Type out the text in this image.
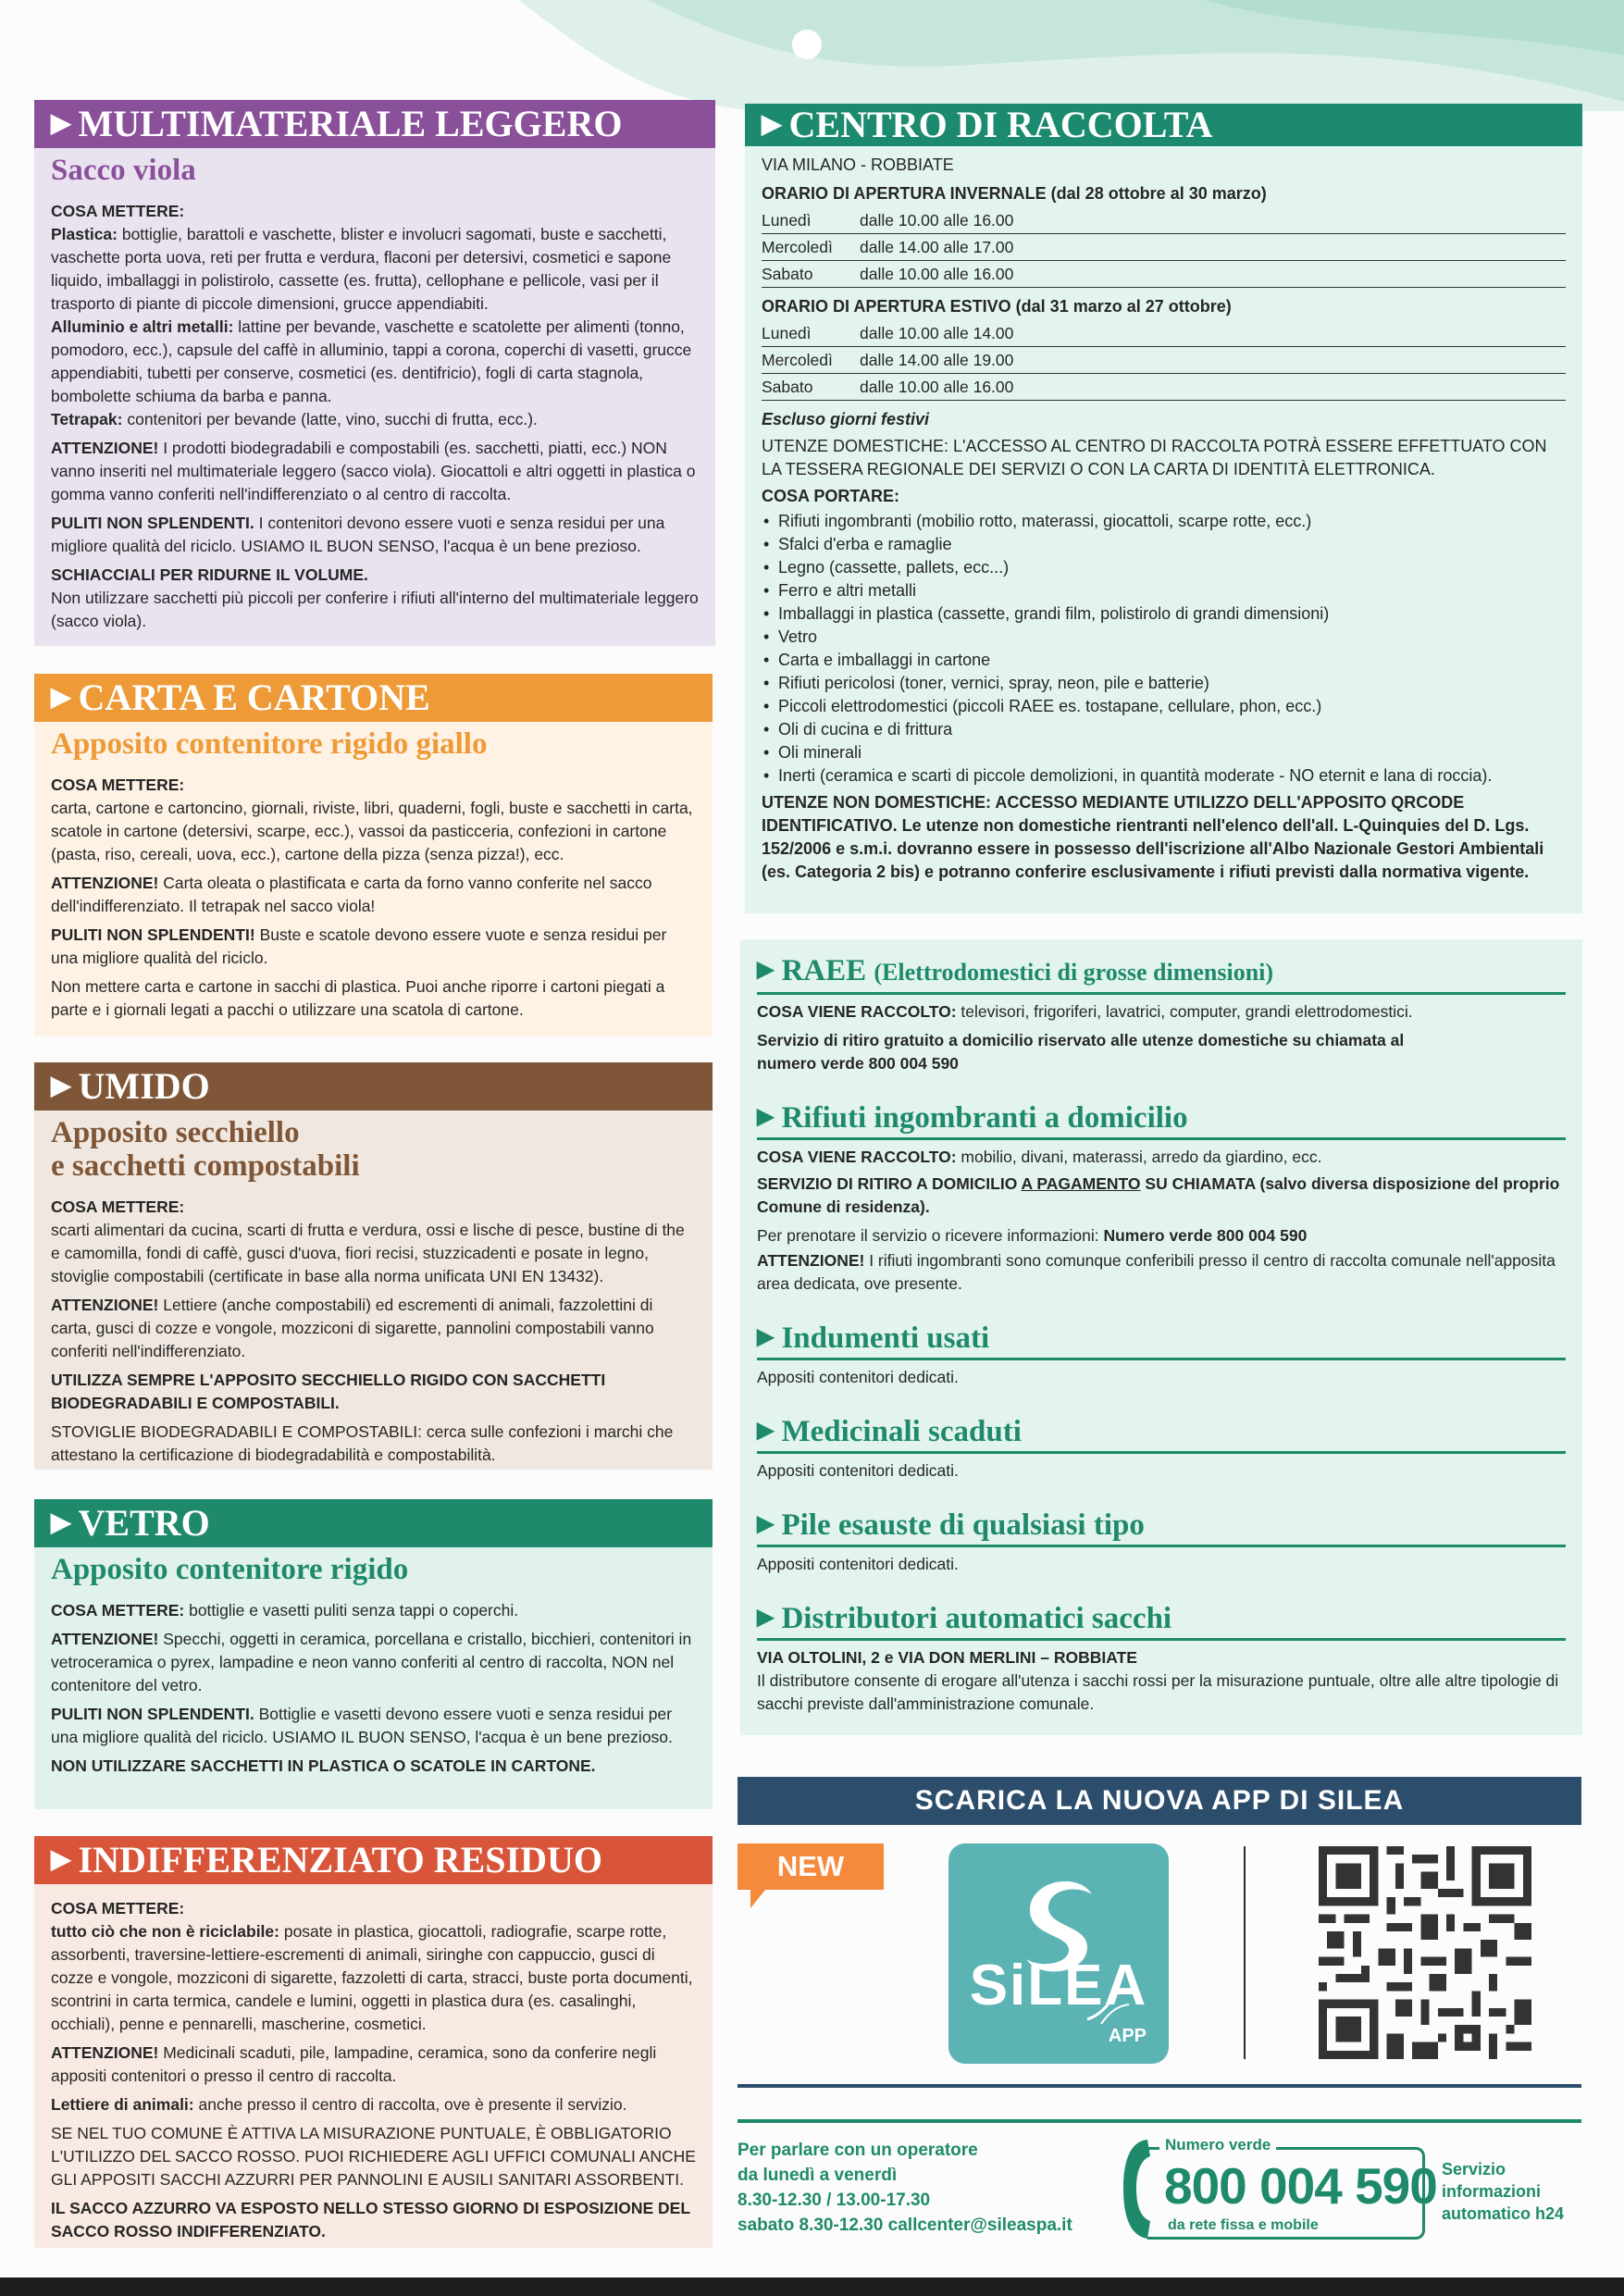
▶ MULTIMATERIALE LEGGERO
Sacco viola

COSA METTERE:

Plastica: bottiglie, barattoli e vaschette, blister e involucri sagomati, buste e sacchetti, vaschette porta uova, reti per frutta e verdura, flaconi per detersivi, cosmetici e sapone liquido, imballaggi in polistirolo, cassette (es. frutta), cellophane e pellicole, vasi per il trasporto di piante di piccole dimensioni, grucce appendiabiti.
Alluminio e altri metalli: lattine per bevande, vaschette e scatolette per alimenti (tonno, pomodoro, ecc.), capsule del caffè in alluminio, tappi a corona, coperchi di vasetti, grucce appendiabiti, tubetti per conserve, cosmetici (es. dentifricio), fogli di carta stagnola, bombolette schiuma da barba e panna.
Tetrapak: contenitori per bevande (latte, vino, succhi di frutta, ecc.).

ATTENZIONE! I prodotti biodegradabili e compostabili (es. sacchetti, piatti, ecc.) NON vanno inseriti nel multimateriale leggero (sacco viola). Giocattoli e altri oggetti in plastica o gomma vanno conferiti nell'indifferenziato o al centro di raccolta.

PULITI NON SPLENDENTI. I contenitori devono essere vuoti e senza residui per una migliore qualità del riciclo. USIAMO IL BUON SENSO, l'acqua è un bene prezioso.

SCHIACCIALI PER RIDURNE IL VOLUME.

Non utilizzare sacchetti più piccoli per conferire i rifiuti all'interno del multimateriale leggero (sacco viola).
▶ CARTA E CARTONE
Apposito contenitore rigido giallo

COSA METTERE:

carta, cartone e cartoncino, giornali, riviste, libri, quaderni, fogli, buste e sacchetti in carta, scatole in cartone (detersivi, scarpe, ecc.), vassoi da pasticceria, confezioni in cartone (pasta, riso, cereali, uova, ecc.), cartone della pizza (senza pizza!), ecc.

ATTENZIONE! Carta oleata o plastificata e carta da forno vanno conferite nel sacco dell'indifferenziato. Il tetrapak nel sacco viola!

PULITI NON SPLENDENTI! Buste e scatole devono essere vuote e senza residui per una migliore qualità del riciclo.

Non mettere carta e cartone in sacchi di plastica. Puoi anche riporre i cartoni piegati a parte e i giornali legati a pacchi o utilizzare una scatola di cartone.

▶ UMIDO
Apposito secchiello
e sacchetti compostabili

COSA METTERE:

scarti alimentari da cucina, scarti di frutta e verdura, ossi e lische di pesce, bustine di the e camomilla, fondi di caffè, gusci d'uova, fiori recisi, stuzzicadenti e posate in legno, stoviglie compostabili (certificate in base alla norma unificata UNI EN 13432).

ATTENZIONE! Lettiere (anche compostabili) ed escrementi di animali, fazzolettini di carta, gusci di cozze e vongole, mozziconi di sigarette, pannolini compostabili vanno conferiti nell'indifferenziato.

UTILIZZA SEMPRE L'APPOSITO SECCHIELLO RIGIDO CON SACCHETTI BIODEGRADABILI E COMPOSTABILI.

STOVIGLIE BIODEGRADABILI E COMPOSTABILI: cerca sulle confezioni i marchi che attestano la certificazione di biodegradabilità e compostabilità.

▶ VETRO
Apposito contenitore rigido

COSA METTERE: bottiglie e vasetti puliti senza tappi o coperchi.

ATTENZIONE! Specchi, oggetti in ceramica, porcellana e cristallo, bicchieri, contenitori in vetroceramica o pyrex, lampadine e neon vanno conferiti al centro di raccolta, NON nel contenitore del vetro.

PULITI NON SPLENDENTI. Bottiglie e vasetti devono essere vuoti e senza residui per una migliore qualità del riciclo. USIAMO IL BUON SENSO, l'acqua è un bene prezioso.

NON UTILIZZARE SACCHETTI IN PLASTICA O SCATOLE IN CARTONE.

▶ INDIFFERENZIATO RESIDUO

COSA METTERE:

tutto ciò che non è riciclabile: posate in plastica, giocattoli, radiografie, scarpe rotte, assorbenti, traversine-lettiere-escrementi di animali, siringhe con cappuccio, gusci di cozze e vongole, mozziconi di sigarette, fazzoletti di carta, stracci, buste porta documenti, scontrini in carta termica, candele e lumini, oggetti in plastica dura (es. casalinghi, occhiali), penne e pennarelli, mascherine, cosmetici.

ATTENZIONE! Medicinali scaduti, pile, lampadine, ceramica, sono da conferire negli appositi contenitori o presso il centro di raccolta.

Lettiere di animali: anche presso il centro di raccolta, ove è presente il servizio.

SE NEL TUO COMUNE È ATTIVA LA MISURAZIONE PUNTUALE, È OBBLIGATORIO L'UTILIZZO DEL SACCO ROSSO. PUOI RICHIEDERE AGLI UFFICI COMUNALI ANCHE GLI APPOSITI SACCHI AZZURRI PER PANNOLINI E AUSILI SANITARI ASSORBENTI.

IL SACCO AZZURRO VA ESPOSTO NELLO STESSO GIORNO DI ESPOSIZIONE DEL SACCO ROSSO INDIFFERENZIATO.

▶ CENTRO DI RACCOLTA
VIA MILANO - ROBBIATE
ORARIO DI APERTURA INVERNALE (dal 28 ottobre al 30 marzo)
Lunedì	dalle 10.00 alle 16.00
Mercoledì	dalle 14.00 alle 17.00
Sabato	dalle 10.00 alle 16.00
ORARIO DI APERTURA ESTIVO (dal 31 marzo al 27 ottobre)
Lunedì	dalle 10.00 alle 14.00
Mercoledì	dalle 14.00 alle 19.00
Sabato	dalle 10.00 alle 16.00
Escluso giorni festivi

UTENZE DOMESTICHE: L'ACCESSO AL CENTRO DI RACCOLTA POTRÀ ESSERE EFFETTUATO CON LA TESSERA REGIONALE DEI SERVIZI O CON LA CARTA DI IDENTITÀ ELETTRONICA.

COSA PORTARE:

• Rifiuti ingombranti (mobilio rotto, materassi, giocattoli, scarpe rotte, ecc.)
• Sfalci d'erba e ramaglie
• Legno (cassette, pallets, ecc...)
• Ferro e altri metalli
• Imballaggi in plastica (cassette, grandi film, polistirolo di grandi dimensioni)
• Vetro
• Carta e imballaggi in cartone
• Rifiuti pericolosi (toner, vernici, spray, neon, pile e batterie)
• Piccoli elettrodomestici (piccoli RAEE es. tostapane, cellulare, phon, ecc.)
• Oli di cucina e di frittura
• Oli minerali
• Inerti (ceramica e scarti di piccole demolizioni, in quantità moderate - NO eternit e lana di roccia).

UTENZE NON DOMESTICHE: ACCESSO MEDIANTE UTILIZZO DELL'APPOSITO QRCODE IDENTIFICATIVO. Le utenze non domestiche rientranti nell'elenco dell'all. L-Quinquies del D. Lgs. 152/2006 e s.m.i. dovranno essere in possesso dell'iscrizione all'Albo Nazionale Gestori Ambientali (es. Categoria 2 bis) e potranno conferire esclusivamente i rifiuti previsti dalla normativa vigente.

▶ RAEE (Elettrodomestici di grosse dimensioni)

COSA VIENE RACCOLTO: televisori, frigoriferi, lavatrici, computer, grandi elettrodomestici.

Servizio di ritiro gratuito a domicilio riservato alle utenze domestiche su chiamata al numero verde 800 004 590

▶ Rifiuti ingombranti a domicilio

COSA VIENE RACCOLTO: mobilio, divani, materassi, arredo da giardino, ecc.

SERVIZIO DI RITIRO A DOMICILIO A PAGAMENTO SU CHIAMATA (salvo diversa disposizione del proprio Comune di residenza).

Per prenotare il servizio o ricevere informazioni: Numero verde 800 004 590

ATTENZIONE! I rifiuti ingombranti sono comunque conferibili presso il centro di raccolta comunale nell'apposita area dedicata, ove presente.

▶ Indumenti usati
Appositi contenitori dedicati.
▶ Medicinali scaduti
Appositi contenitori dedicati.
▶ Pile esauste di qualsiasi tipo
Appositi contenitori dedicati.
▶ Distributori automatici sacchi

VIA OLTOLINI, 2 e VIA DON MERLINI – ROBBIATE

Il distributore consente di erogare all'utenza i sacchi rossi per la misurazione puntuale, oltre alle altre tipologie di sacchi previste dall'amministrazione comunale.

SCARICA LA NUOVA APP DI SILEA
NEW
SiLEA
APP
Per parlare con un operatore
da lunedì a venerdì
8.30-12.30 / 13.00-17.30
sabato 8.30-12.30 callcenter@sileaspa.it
Numero verde
800 004 590
da rete fissa e mobile
Servizio
informazioni
automatico h24
